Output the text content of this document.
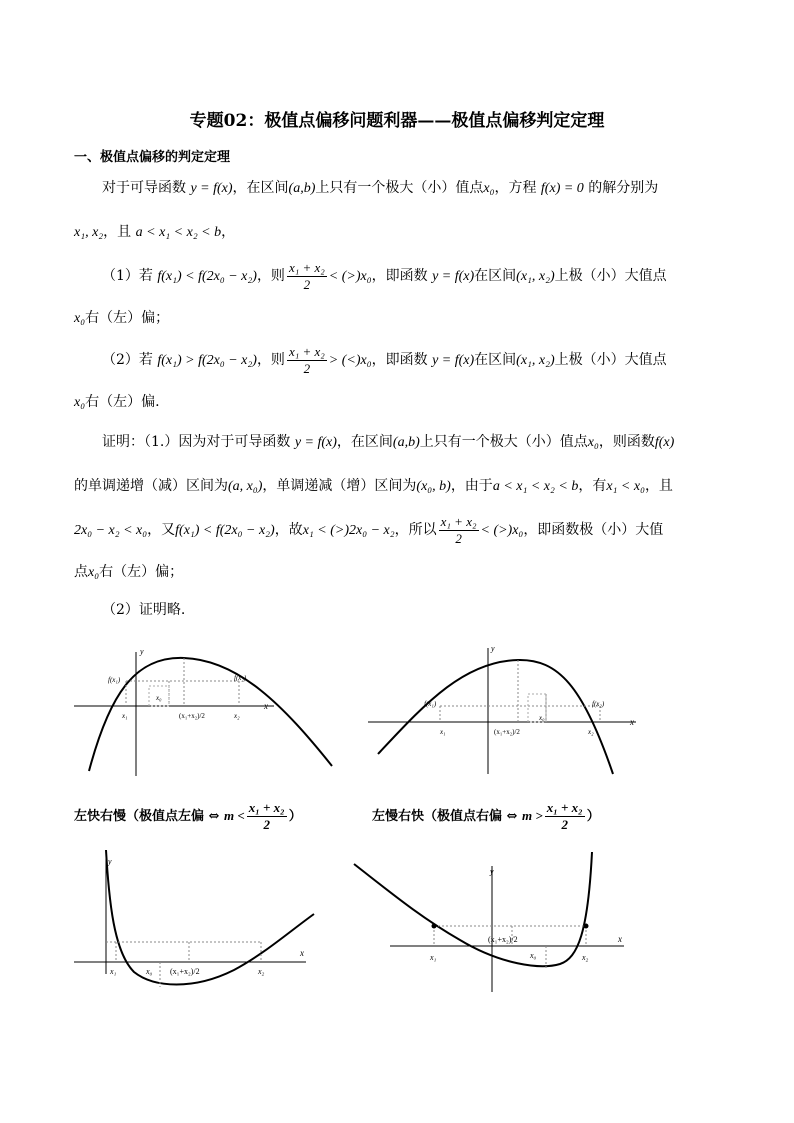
专题02：极值点偏移问题利器——极值点偏移判定定理
一、极值点偏移的判定定理
对于可导函数 y = f(x)，在区间(a,b)上只有一个极大（小）值点x₀，方程 f(x) = 0 的解分别为
x₁, x₂，且 a < x₁ < x₂ < b，
（1）若 f(x₁) < f(2x₀ − x₂)，则 $\frac{\text{x₁ + x₂}}{2} < (>)x_0$，即函数 y = f(x)在区间(x₁, x₂)上极（小）大值点
x₀右（左）偏；
（2）若 f(x₁) > f(2x₀ − x₂)，则 $\frac{\text{x₁ + x₂}}{2} > (<)x_0$，即函数 y = f(x)在区间(x₁, x₂)上极（小）大值点
x₀右（左）偏.
证明：（1.）因为对于可导函数 y = f(x)，在区间(a,b)上只有一个极大（小）值点x₀，则函数f(x)
的单调递增（减）区间为(a, x₀)，单调递减（增）区间为(x₀, b)，由于a < x₁ < x₂ < b，有x₁ < x₀，且
2x₀ − x₂ < x₀，又f(x₁) < f(2x₀ − x₂)，故x₁ < (>)2x₀ − x₂，所以 $\frac{\text{x₁ + x₂}}{2} < (>)x_0$，即函数极（小）大值
点x₀右（左）偏；
（2）证明略.
y
x
f(x₁)	f(x₂)
x₀
x₁	x₂
(x₁+x₂)/2
y
x
f(x₁)	f(x₂)
x₀
x₁	x₂
(x₁+x₂)/2
左快右慢（极值点左偏 ⇔ $m < \frac{\text{x₁ + x₂}}{2}$ ）	左慢右快（极值点右偏 ⇔ $m > \frac{\text{x₁ + x₂}}{2}$ ）
y
x
x₁	x₀ (x₁+x₂)/2	x₂
y
x
(x₁+x₂)/2
x₁	x₀	x₂
